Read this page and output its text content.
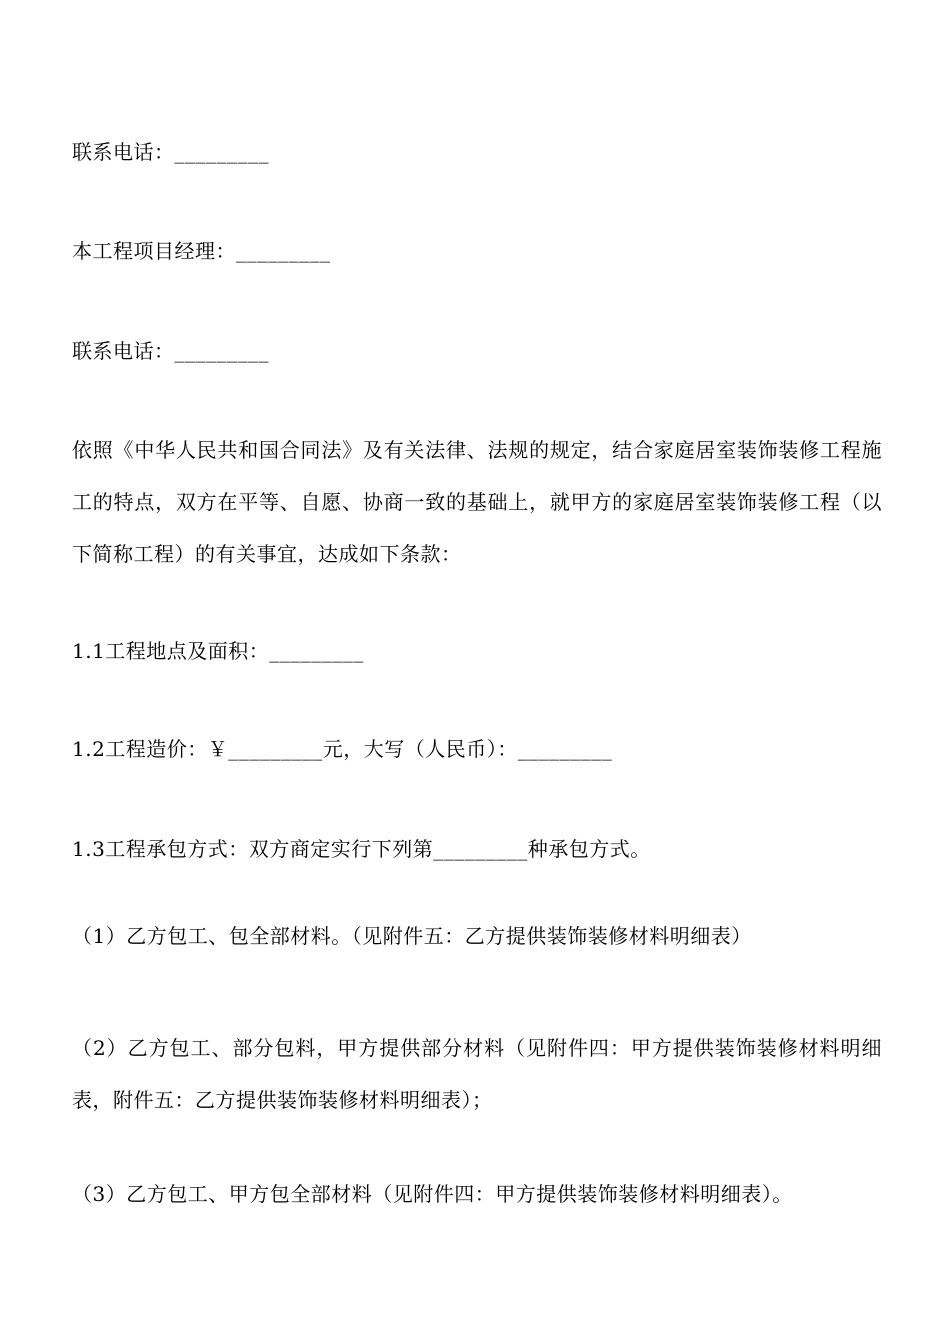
联系电话：_________
本工程项目经理：_________
联系电话：_________
依照《中华人民共和国合同法》及有关法律、法规的规定，结合家庭居室装饰装修工程施工的特点，双方在平等、自愿、协商一致的基础上，就甲方的家庭居室装饰装修工程（以下简称工程）的有关事宜，达成如下条款：
1.1工程地点及面积：_________
1.2工程造价：￥_________元，大写（人民币）：_________
1.3工程承包方式：双方商定实行下列第_________种承包方式。
（1）乙方包工、包全部材料。（见附件五：乙方提供装饰装修材料明细表）
（2）乙方包工、部分包料，甲方提供部分材料（见附件四：甲方提供装饰装修材料明细表，附件五：乙方提供装饰装修材料明细表）；
（3）乙方包工、甲方包全部材料（见附件四：甲方提供装饰装修材料明细表）。
